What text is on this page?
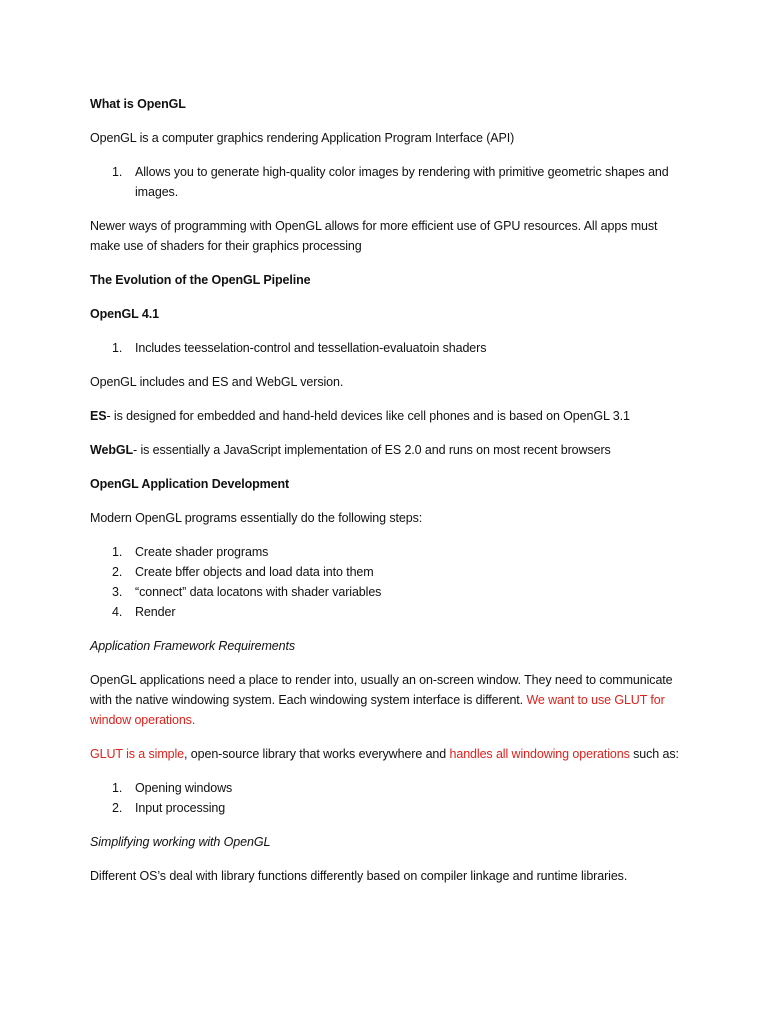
What is OpenGL

OpenGL is a computer graphics rendering Application Program Interface (API)

1. Allows you to generate high-quality color images by rendering with primitive geometric shapes and images.

Newer ways of programming with OpenGL allows for more efficient use of GPU resources. All apps must make use of shaders for their graphics processing

The Evolution of the OpenGL Pipeline

OpenGL 4.1

1. Includes teesselation-control and tessellation-evaluatoin shaders

OpenGL includes and ES and WebGL version.

ES- is designed for embedded and hand-held devices like cell phones and is based on OpenGL 3.1

WebGL- is essentially a JavaScript implementation of ES 2.0 and runs on most recent browsers

OpenGL Application Development

Modern OpenGL programs essentially do the following steps:

1. Create shader programs
2. Create bffer objects and load data into them
3. “connect” data locatons with shader variables
4. Render

Application Framework Requirements

OpenGL applications need a place to render into, usually an on-screen window. They need to communicate with the native windowing system. Each windowing system interface is different. We want to use GLUT for window operations.

GLUT is a simple, open-source library that works everywhere and handles all windowing operations such as:

1. Opening windows
2. Input processing

Simplifying working with OpenGL

Different OS’s deal with library functions differently based on compiler linkage and runtime libraries.
